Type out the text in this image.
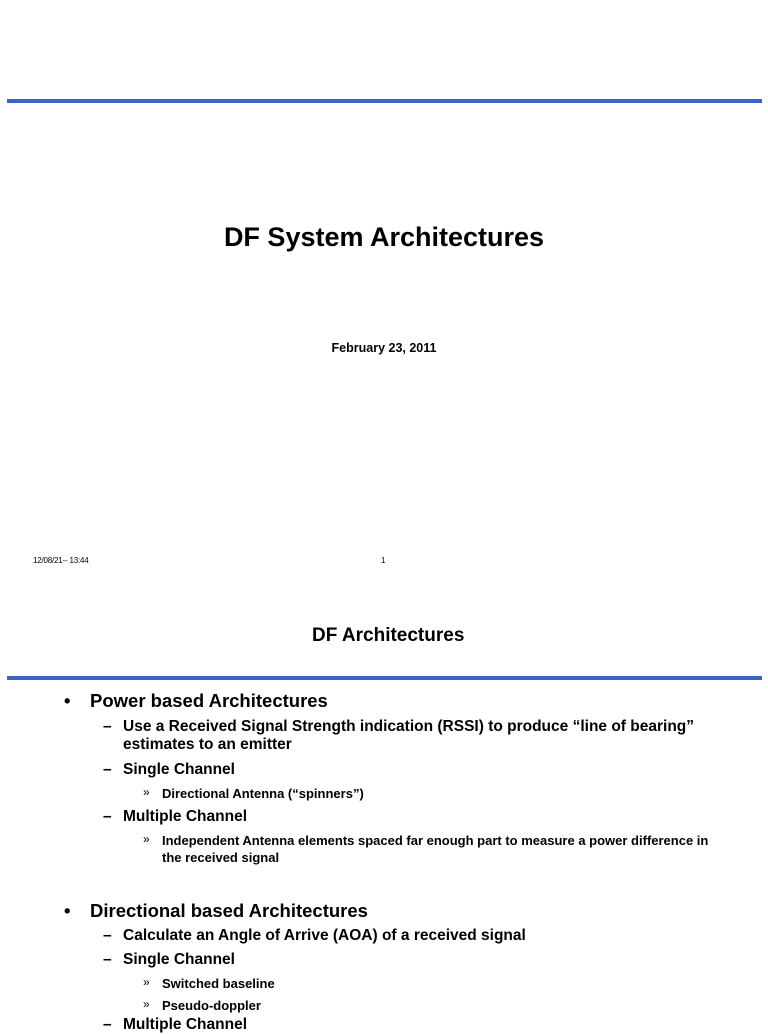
DF System Architectures
February 23, 2011
12/08/21-- 13:44	1
DF Architectures
• Power based Architectures
– Use a Received Signal Strength indication (RSSI) to produce “line of bearing” estimates to an emitter
– Single Channel
» Directional Antenna (“spinners”)
– Multiple Channel
» Independent Antenna elements spaced far enough part to measure a power difference in the received signal
• Directional based Architectures
– Calculate an Angle of Arrive (AOA) of a received signal
– Single Channel
» Switched baseline
» Pseudo-doppler
– Multiple Channel
